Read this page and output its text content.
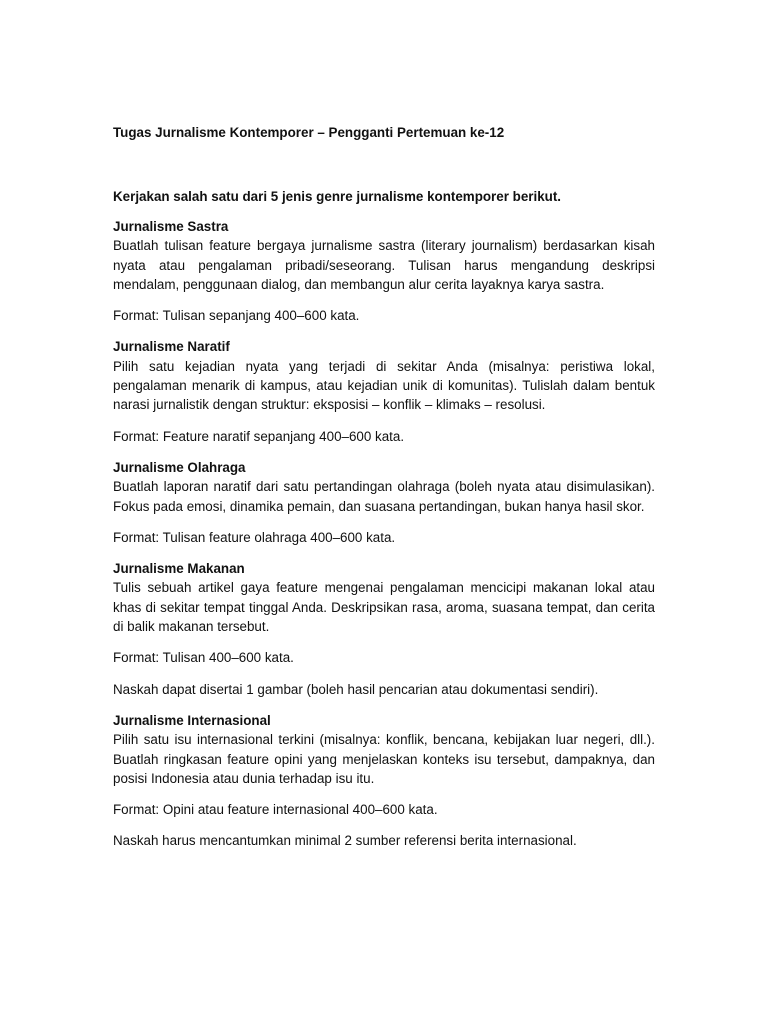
Tugas Jurnalisme Kontemporer – Pengganti Pertemuan ke-12

Kerjakan salah satu dari 5 jenis genre jurnalisme kontemporer berikut.

Jurnalisme Sastra

Buatlah tulisan feature bergaya jurnalisme sastra (literary journalism) berdasarkan kisah nyata atau pengalaman pribadi/seseorang. Tulisan harus mengandung deskripsi mendalam, penggunaan dialog, dan membangun alur cerita layaknya karya sastra.

Format: Tulisan sepanjang 400–600 kata.

Jurnalisme Naratif

Pilih satu kejadian nyata yang terjadi di sekitar Anda (misalnya: peristiwa lokal, pengalaman menarik di kampus, atau kejadian unik di komunitas). Tulislah dalam bentuk narasi jurnalistik dengan struktur: eksposisi – konflik – klimaks – resolusi.

Format: Feature naratif sepanjang 400–600 kata.

Jurnalisme Olahraga

Buatlah laporan naratif dari satu pertandingan olahraga (boleh nyata atau disimulasikan). Fokus pada emosi, dinamika pemain, dan suasana pertandingan, bukan hanya hasil skor.

Format: Tulisan feature olahraga 400–600 kata.

Jurnalisme Makanan

Tulis sebuah artikel gaya feature mengenai pengalaman mencicipi makanan lokal atau khas di sekitar tempat tinggal Anda. Deskripsikan rasa, aroma, suasana tempat, dan cerita di balik makanan tersebut.

Format: Tulisan 400–600 kata.

Naskah dapat disertai 1 gambar (boleh hasil pencarian atau dokumentasi sendiri).

Jurnalisme Internasional

Pilih satu isu internasional terkini (misalnya: konflik, bencana, kebijakan luar negeri, dll.). Buatlah ringkasan feature opini yang menjelaskan konteks isu tersebut, dampaknya, dan posisi Indonesia atau dunia terhadap isu itu.

Format: Opini atau feature internasional 400–600 kata.

Naskah harus mencantumkan minimal 2 sumber referensi berita internasional.
